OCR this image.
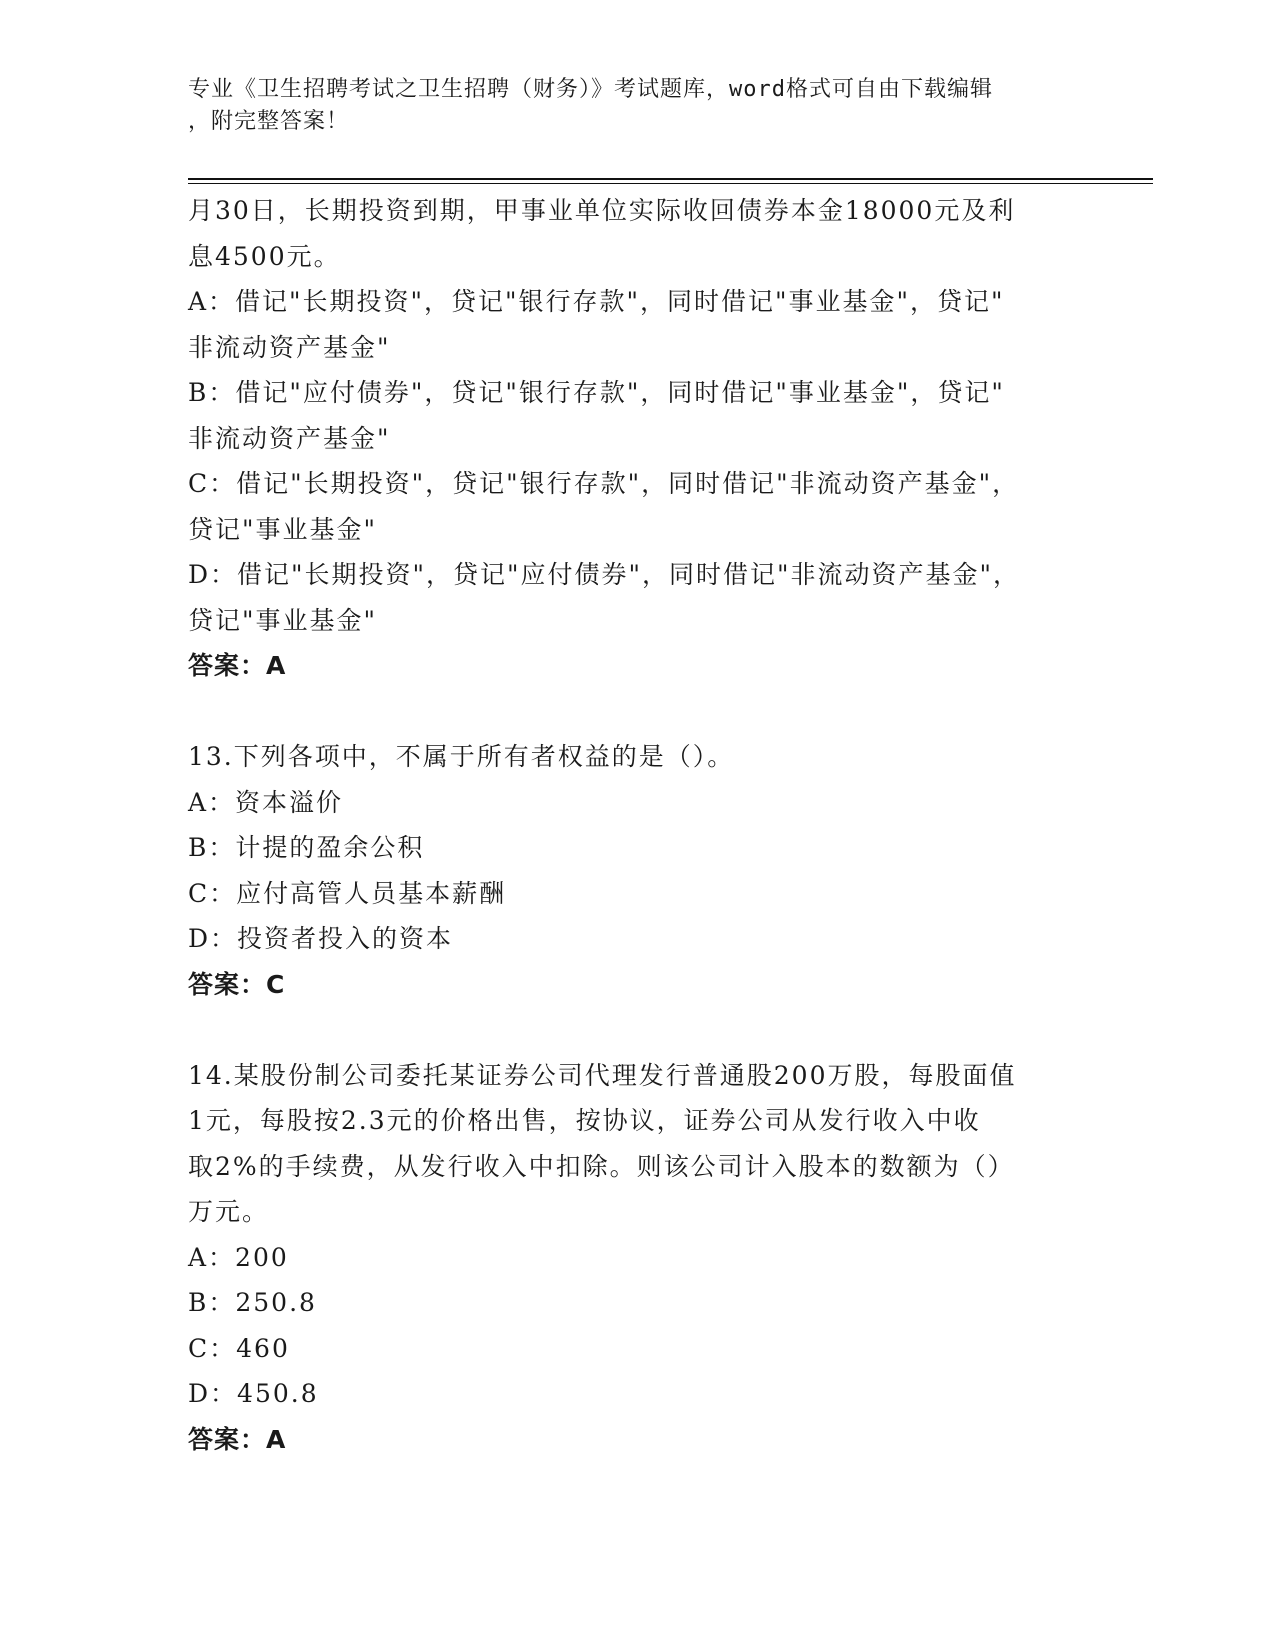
专业《卫生招聘考试之卫生招聘（财务）》考试题库，word格式可自由下载编辑
，附完整答案！
月30日，长期投资到期，甲事业单位实际收回债券本金18000元及利
息4500元。
A：借记"长期投资"，贷记"银行存款"，同时借记"事业基金"，贷记"
非流动资产基金"
B：借记"应付债券"，贷记"银行存款"，同时借记"事业基金"，贷记"
非流动资产基金"
C：借记"长期投资"，贷记"银行存款"，同时借记"非流动资产基金"，
贷记"事业基金"
D：借记"长期投资"，贷记"应付债券"，同时借记"非流动资产基金"，
贷记"事业基金"
答案：A
13.下列各项中，不属于所有者权益的是（）。
A：资本溢价
B：计提的盈余公积
C：应付高管人员基本薪酬
D：投资者投入的资本
答案：C
14.某股份制公司委托某证券公司代理发行普通股200万股，每股面值
1元，每股按2.3元的价格出售，按协议，证券公司从发行收入中收
取2%的手续费，从发行收入中扣除。则该公司计入股本的数额为（）
万元。
A：200
B：250.8
C：460
D：450.8
答案：A
